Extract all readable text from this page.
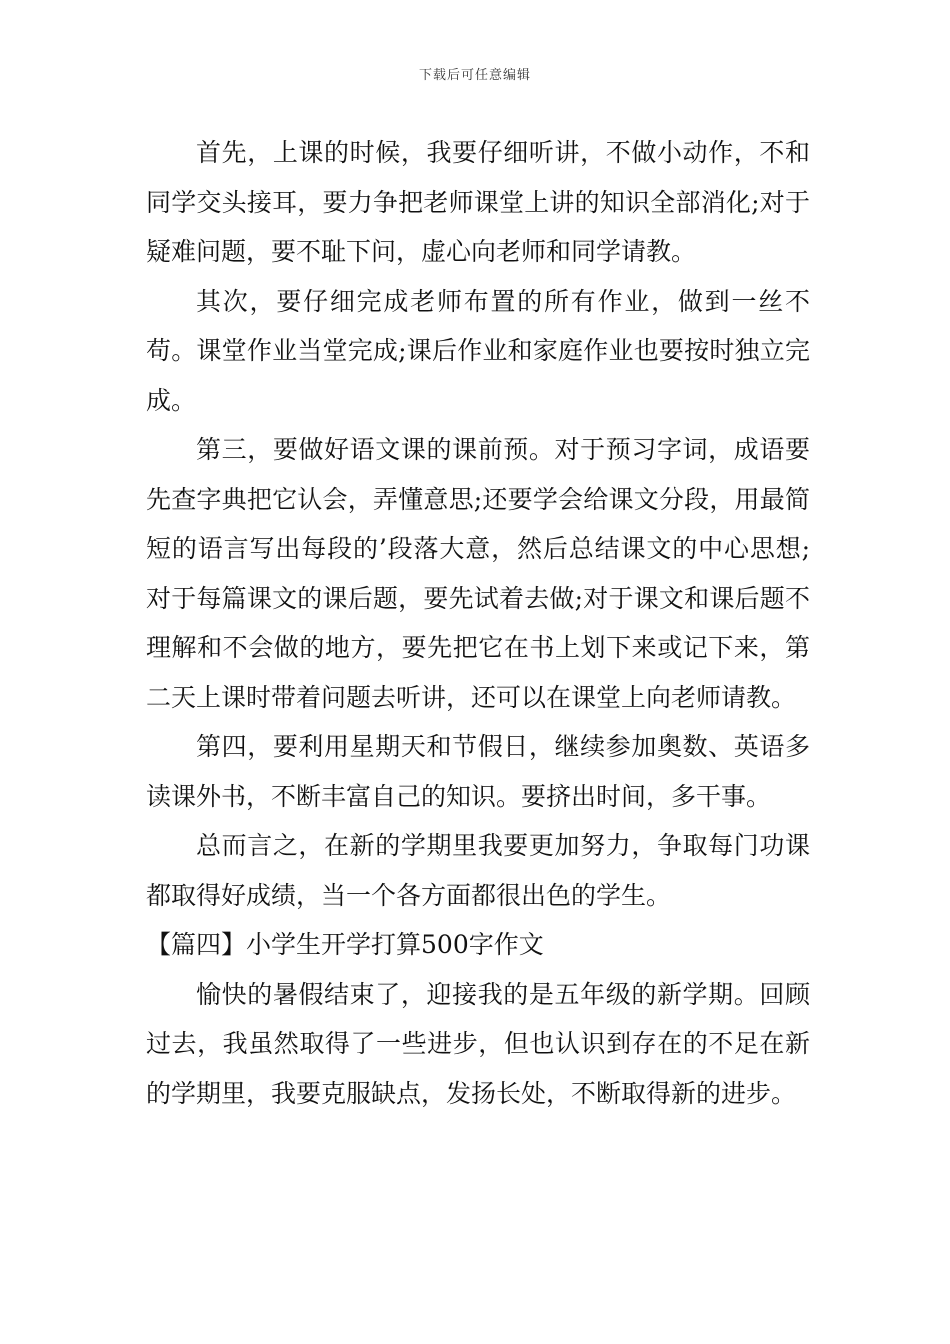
下载后可任意编辑

首先，上课的时候，我要仔细听讲，不做小动作，不和同学交头接耳，要力争把老师课堂上讲的知识全部消化;对于疑难问题，要不耻下问，虚心向老师和同学请教。

其次，要仔细完成老师布置的所有作业，做到一丝不苟。课堂作业当堂完成;课后作业和家庭作业也要按时独立完成。

第三，要做好语文课的课前预。对于预习字词，成语要先查字典把它认会，弄懂意思;还要学会给课文分段，用最简短的语言写出每段的’段落大意，然后总结课文的中心思想;对于每篇课文的课后题，要先试着去做;对于课文和课后题不理解和不会做的地方，要先把它在书上划下来或记下来，第二天上课时带着问题去听讲，还可以在课堂上向老师请教。

第四，要利用星期天和节假日，继续参加奥数、英语多读课外书，不断丰富自己的知识。要挤出时间，多干事。

总而言之，在新的学期里我要更加努力，争取每门功课都取得好成绩，当一个各方面都很出色的学生。

【篇四】小学生开学打算500字作文

愉快的暑假结束了，迎接我的是五年级的新学期。回顾过去，我虽然取得了一些进步，但也认识到存在的不足在新的学期里，我要克服缺点，发扬长处，不断取得新的进步。
